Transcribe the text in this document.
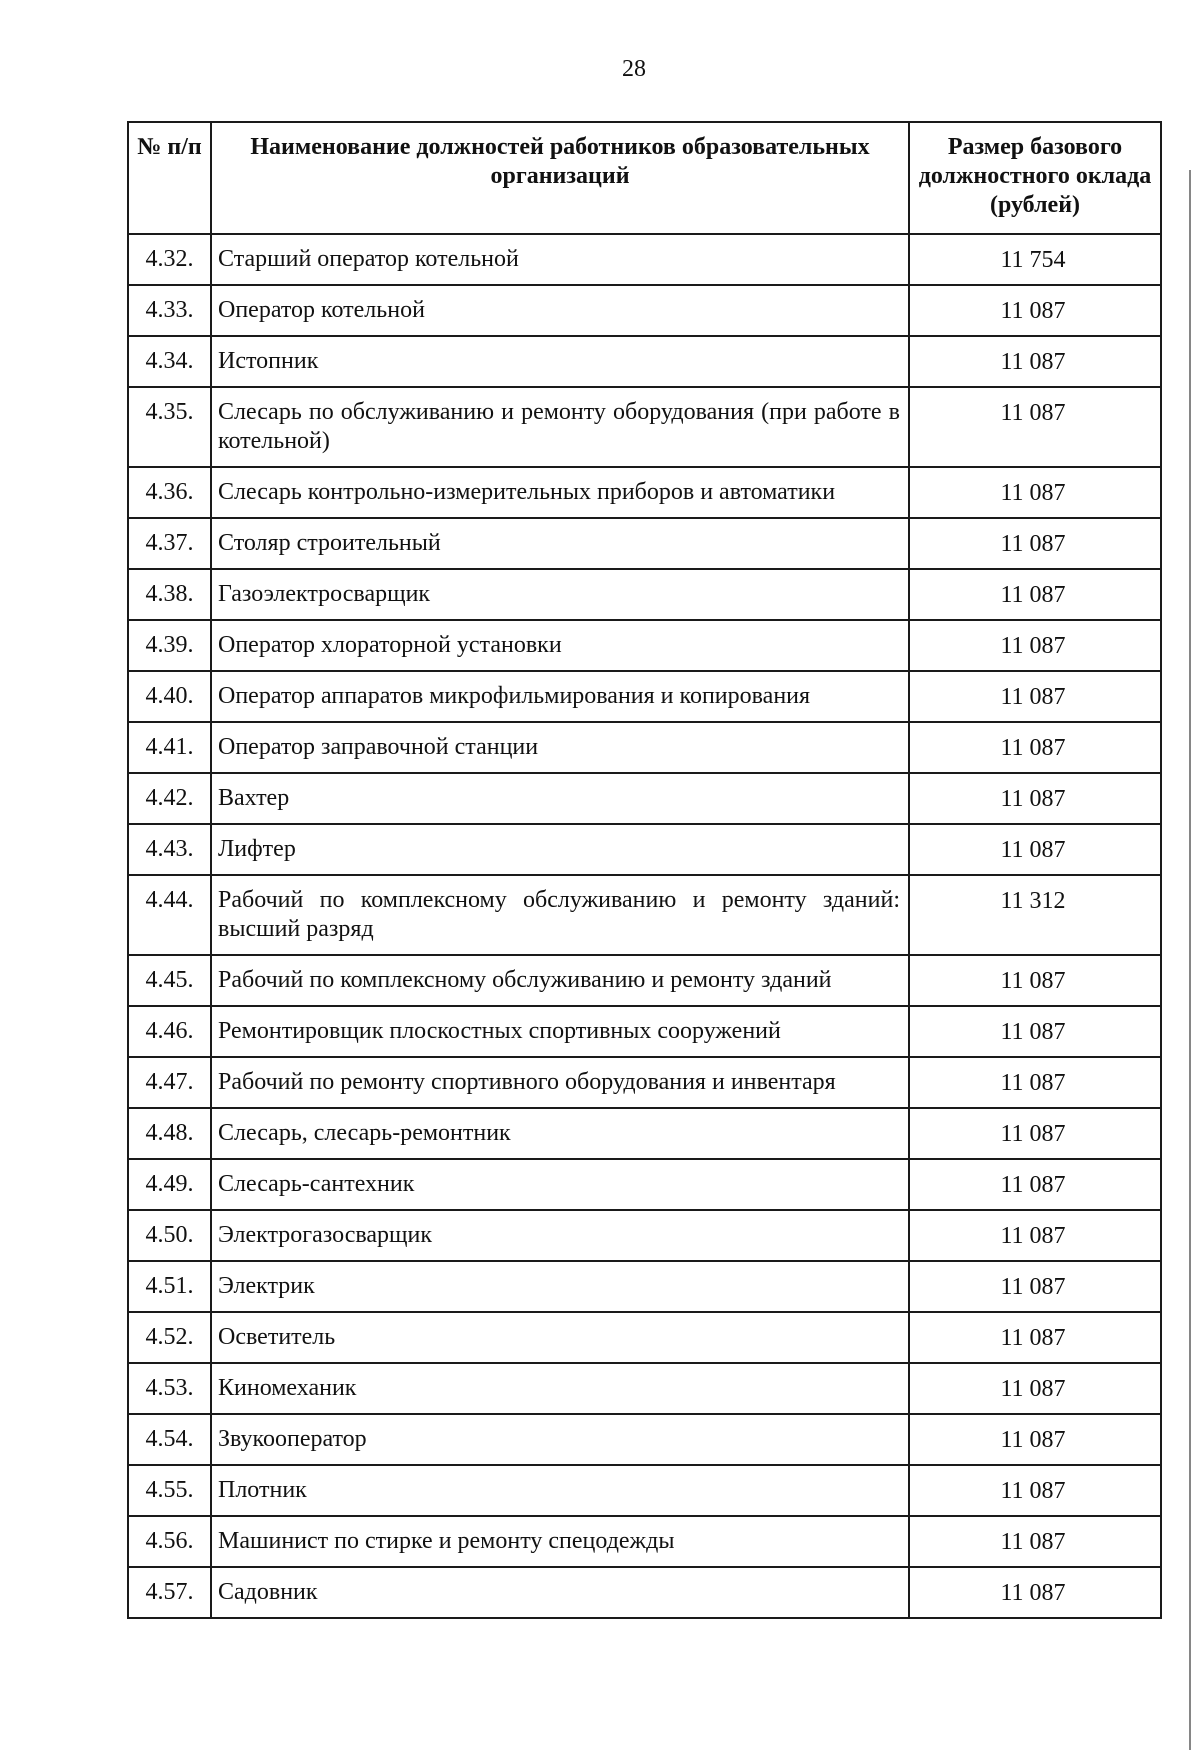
28
№ п/п	Наименование должностей работников образовательных организаций	Размер базового должностного оклада (рублей)
4.32.	Старший оператор котельной	11 754
4.33.	Оператор котельной	11 087
4.34.	Истопник	11 087
4.35.	Слесарь по обслуживанию и ремонту оборудования (при работе в котельной)	11 087
4.36.	Слесарь контрольно-измерительных приборов и автоматики	11 087
4.37.	Столяр строительный	11 087
4.38.	Газоэлектросварщик	11 087
4.39.	Оператор хлораторной установки	11 087
4.40.	Оператор аппаратов микрофильмирования и копирования	11 087
4.41.	Оператор заправочной станции	11 087
4.42.	Вахтер	11 087
4.43.	Лифтер	11 087
4.44.	Рабочий по комплексному обслуживанию и ремонту зданий: высший разряд	11 312
4.45.	Рабочий по комплексному обслуживанию и ремонту зданий	11 087
4.46.	Ремонтировщик плоскостных спортивных сооружений	11 087
4.47.	Рабочий по ремонту спортивного оборудования и инвентаря	11 087
4.48.	Слесарь, слесарь-ремонтник	11 087
4.49.	Слесарь-сантехник	11 087
4.50.	Электрогазосварщик	11 087
4.51.	Электрик	11 087
4.52.	Осветитель	11 087
4.53.	Киномеханик	11 087
4.54.	Звукооператор	11 087
4.55.	Плотник	11 087
4.56.	Машинист по стирке и ремонту спецодежды	11 087
4.57.	Садовник	11 087
